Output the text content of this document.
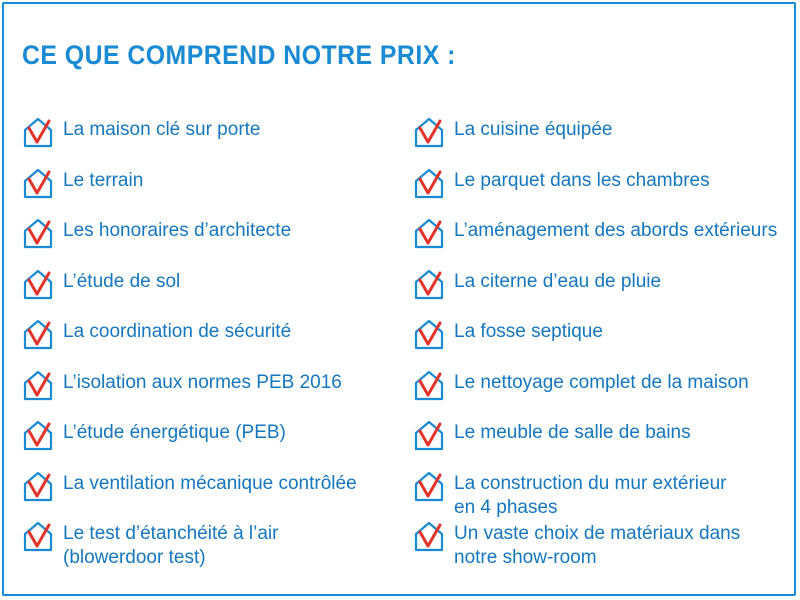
CE QUE COMPREND NOTRE PRIX :
La maison clé sur porte
Le terrain
Les honoraires d’architecte
L’étude de sol
La coordination de sécurité
L’isolation aux normes PEB 2016
L’étude énergétique (PEB)
La ventilation mécanique contrôlée
Le test d’étanchéité à l’air
(blowerdoor test)
La cuisine équipée
Le parquet dans les chambres
L’aménagement des abords extérieurs
La citerne d’eau de pluie
La fosse septique
Le nettoyage complet de la maison
Le meuble de salle de bains
La construction du mur extérieur
en 4 phases
Un vaste choix de matériaux dans
notre show-room
